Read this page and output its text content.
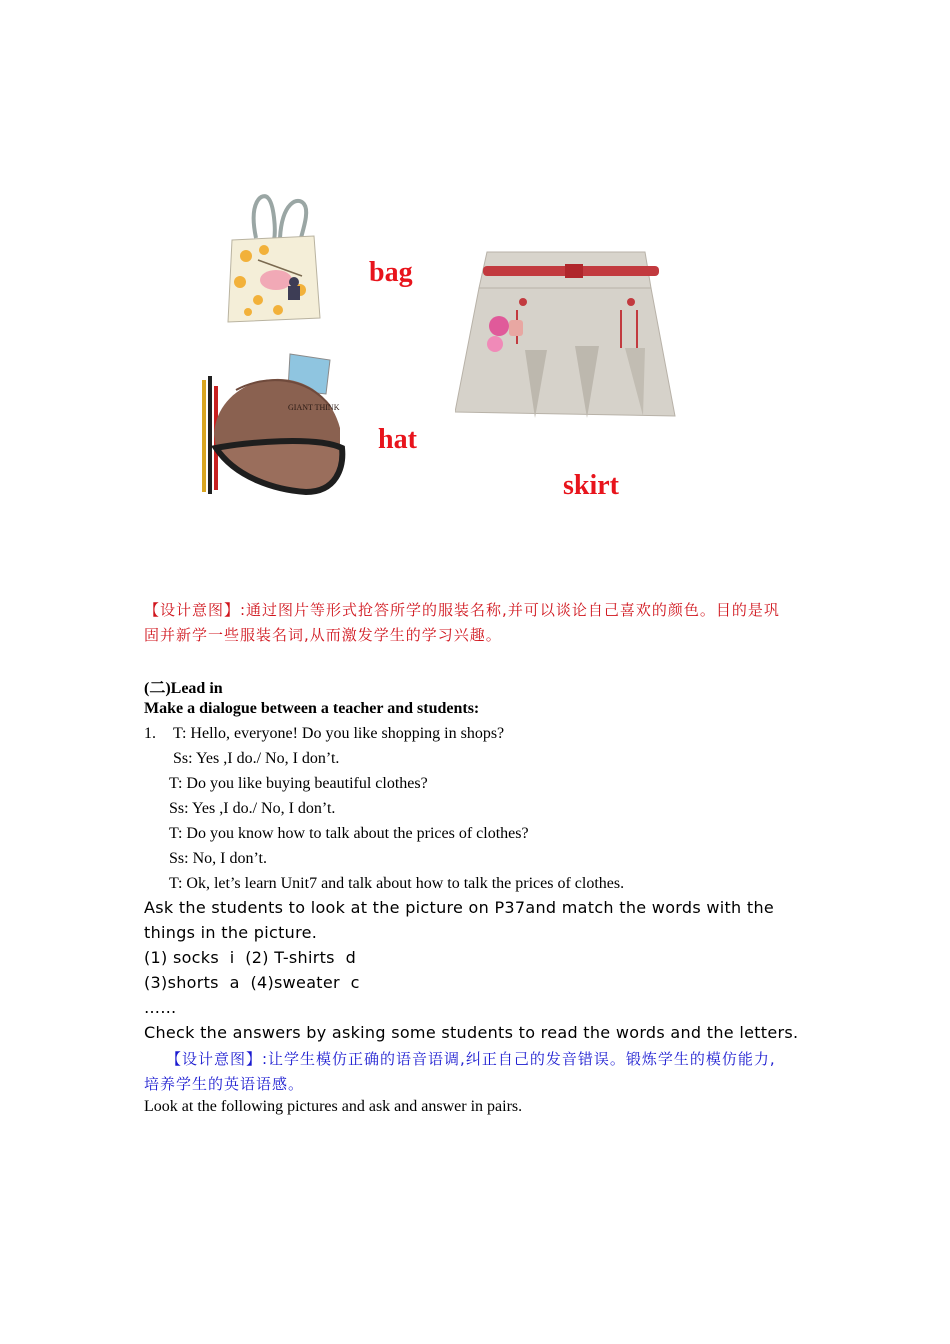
GIANT THINK
bag
hat
skirt
【设计意图】:通过图片等形式抢答所学的服装名称,并可以谈论自己喜欢的颜色。目的是巩
固并新学一些服装名词,从而激发学生的学习兴趣。
(二)Lead in
Make a dialogue between a teacher and students:
1. T: Hello, everyone! Do you like shopping in shops?
Ss: Yes ,I do./ No, I don’t.
T: Do you like buying beautiful clothes?
Ss: Yes ,I do./ No, I don’t.
T: Do you know how to talk about the prices of clothes?
Ss: No, I don’t.
T: Ok, let’s learn Unit7 and talk about how to talk the prices of clothes.
Ask the students to look at the picture on P37and match the words with the
things in the picture.
(1) socks  i  (2) T-shirts  d
(3)shorts  a  (4)sweater  c
……
Check the answers by asking some students to read the words and the letters.
【设计意图】:让学生模仿正确的语音语调,纠正自己的发音错误。锻炼学生的模仿能力,
培养学生的英语语感。
Look at the following pictures and ask and answer in pairs.
